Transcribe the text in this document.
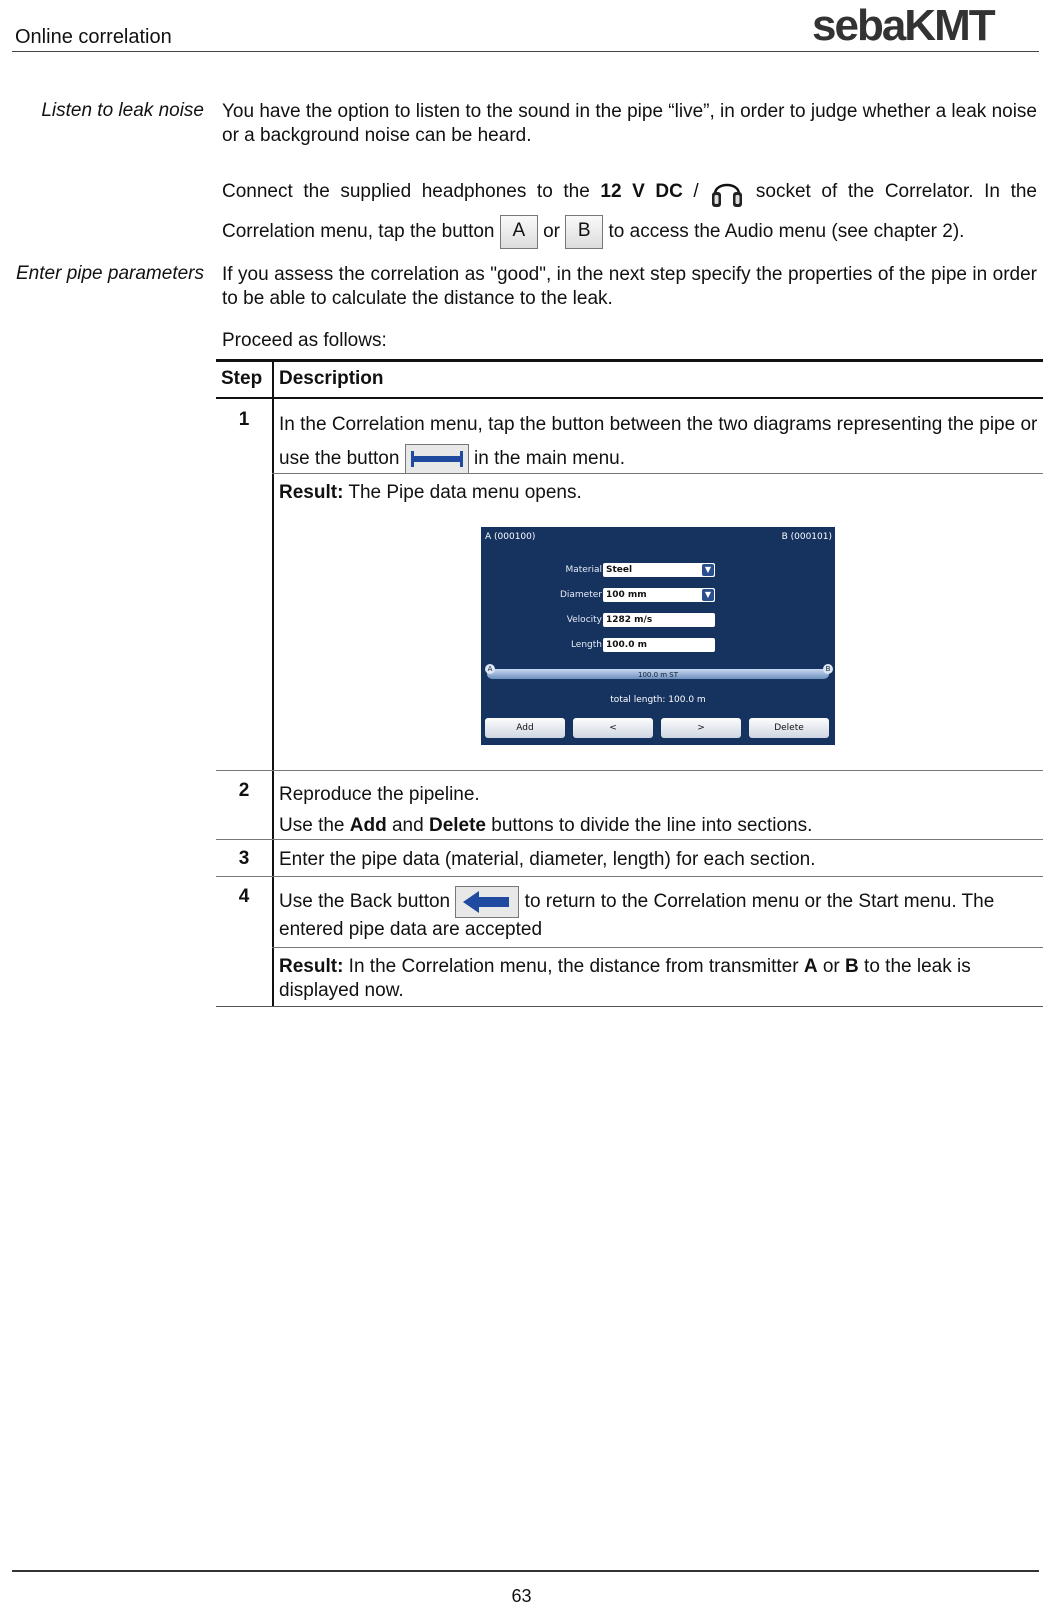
Online correlation	sebaKMT
Listen to leak noise You have the option to listen to the sound in the pipe “live”, in order to judge whether a leak noise or a background noise can be heard.
Connect the supplied headphones to the 12 V DC /  socket of the Correlator. In the Correlation menu, tap the button A or B to access the Audio menu (see chapter 2).
Enter pipe parameters If you assess the correlation as "good", in the next step specify the properties of the pipe in order to be able to calculate the distance to the leak.
Proceed as follows:
Step Description
1	In the Correlation menu, tap the button between the two diagrams representing the pipe or use the button	in the main menu.
Result: The Pipe data menu opens.
A (000100)	B (000101)
Material Steel	▼
Diameter 100 mm	▼
Velocity 1282 m/s
Length 100.0 m
100.0 m ST
A	B
total length: 100.0 m
Add	<	>	Delete
2	Reproduce the pipeline.
Use the Add and Delete buttons to divide the line into sections.
3	Enter the pipe data (material, diameter, length) for each section.
4	Use the Back button	to return to the Correlation menu or the Start menu. The entered pipe data are accepted
Result: In the Correlation menu, the distance from transmitter A or B to the leak is displayed now.
63
